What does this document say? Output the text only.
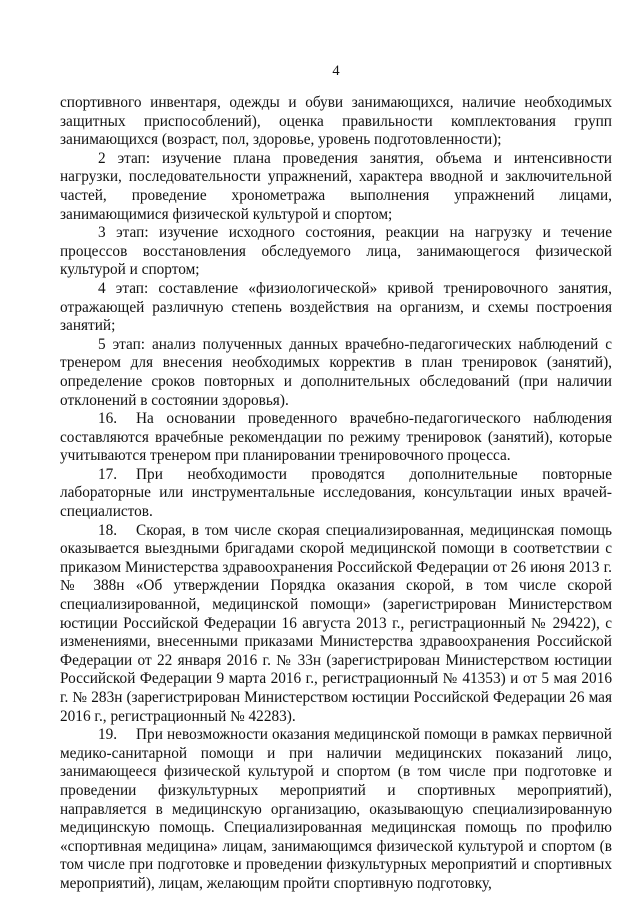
4

спортивного инвентаря, одежды и обуви занимающихся, наличие необходимых защитных приспособлений), оценка правильности комплектования групп занимающихся (возраст, пол, здоровье, уровень подготовленности);

2 этап: изучение плана проведения занятия, объема и интенсивности нагрузки, последовательности упражнений, характера вводной и заключительной частей, проведение хронометража выполнения упражнений лицами, занимающимися физической культурой и спортом;

3 этап: изучение исходного состояния, реакции на нагрузку и течение процессов восстановления обследуемого лица, занимающегося физической культурой и спортом;

4 этап: составление «физиологической» кривой тренировочного занятия, отражающей различную степень воздействия на организм, и схемы построения занятий;

5 этап: анализ полученных данных врачебно-педагогических наблюдений с тренером для внесения необходимых корректив в план тренировок (занятий), определение сроков повторных и дополнительных обследований (при наличии отклонений в состоянии здоровья).

16. На основании проведенного врачебно-педагогического наблюдения составляются врачебные рекомендации по режиму тренировок (занятий), которые учитываются тренером при планировании тренировочного процесса.

17. При необходимости проводятся дополнительные повторные лабораторные или инструментальные исследования, консультации иных врачей-специалистов.

18. Скорая, в том числе скорая специализированная, медицинская помощь оказывается выездными бригадами скорой медицинской помощи в соответствии с приказом Министерства здравоохранения Российской Федерации от 26 июня 2013 г. № 388н «Об утверждении Порядка оказания скорой, в том числе скорой специализированной, медицинской помощи» (зарегистрирован Министерством юстиции Российской Федерации 16 августа 2013 г., регистрационный № 29422), с изменениями, внесенными приказами Министерства здравоохранения Российской Федерации от 22 января 2016 г. № 33н (зарегистрирован Министерством юстиции Российской Федерации 9 марта 2016 г., регистрационный № 41353) и от 5 мая 2016 г. № 283н (зарегистрирован Министерством юстиции Российской Федерации 26 мая 2016 г., регистрационный № 42283).

19. При невозможности оказания медицинской помощи в рамках первичной медико-санитарной помощи и при наличии медицинских показаний лицо, занимающееся физической культурой и спортом (в том числе при подготовке и проведении физкультурных мероприятий и спортивных мероприятий), направляется в медицинскую организацию, оказывающую специализированную медицинскую помощь. Специализированная медицинская помощь по профилю «спортивная медицина» лицам, занимающимся физической культурой и спортом (в том числе при подготовке и проведении физкультурных мероприятий и спортивных мероприятий), лицам, желающим пройти спортивную подготовку,
